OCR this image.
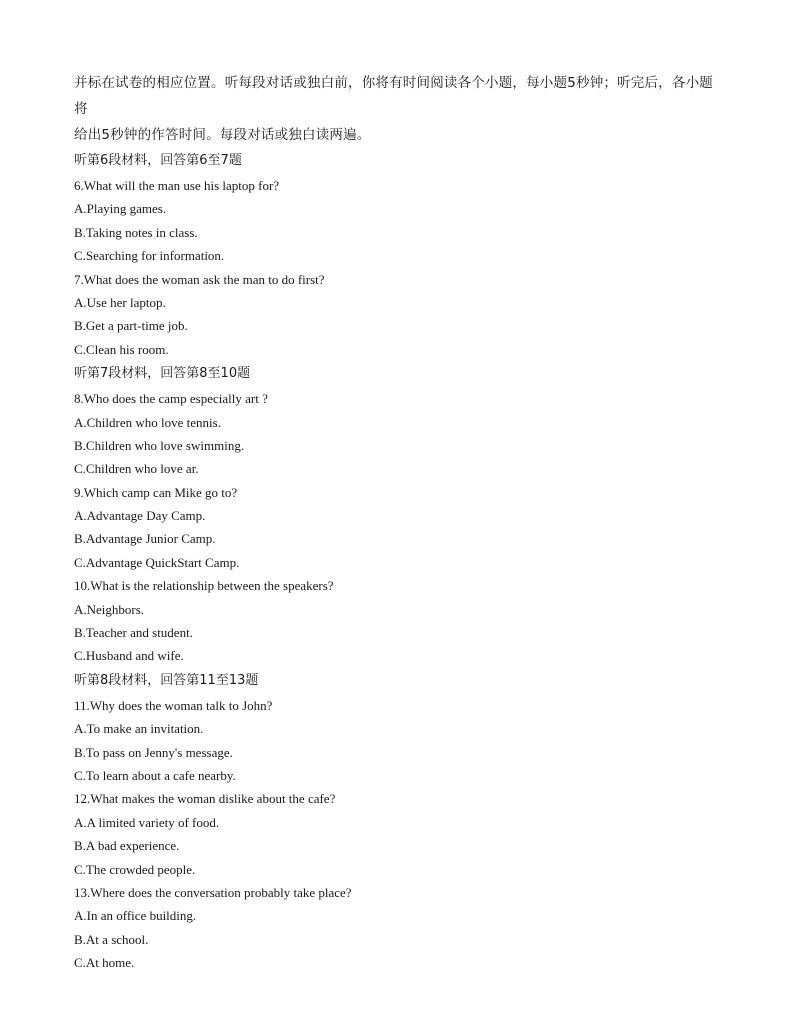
并标在试卷的相应位置。听每段对话或独白前，你将有时间阅读各个小题，每小题5秒钟；听完后，各小题将
给出5秒钟的作答时间。每段对话或独白读两遍。
听第6段材料，回答第6至7题
6.What will the man use his laptop for?
A.Playing games.
B.Taking notes in class.
C.Searching for information.
7.What does the woman ask the man to do first?
A.Use her laptop.
B.Get a part-time job.
C.Clean his room.
听第7段材料，回答第8至10题
8.Who does the camp especially art ?
A.Children who love tennis.
B.Children who love swimming.
C.Children who love ar.
9.Which camp can Mike go to?
A.Advantage Day Camp.
B.Advantage Junior Camp.
C.Advantage QuickStart Camp.
10.What is the relationship between the speakers?
A.Neighbors.
B.Teacher and student.
C.Husband and wife.
听第8段材料，回答第11至13题
11.Why does the woman talk to John?
A.To make an invitation.
B.To pass on Jenny's message.
C.To learn about a cafe nearby.
12.What makes the woman dislike about the cafe?
A.A limited variety of food.
B.A bad experience.
C.The crowded people.
13.Where does the conversation probably take place?
A.In an office building.
B.At a school.
C.At home.
